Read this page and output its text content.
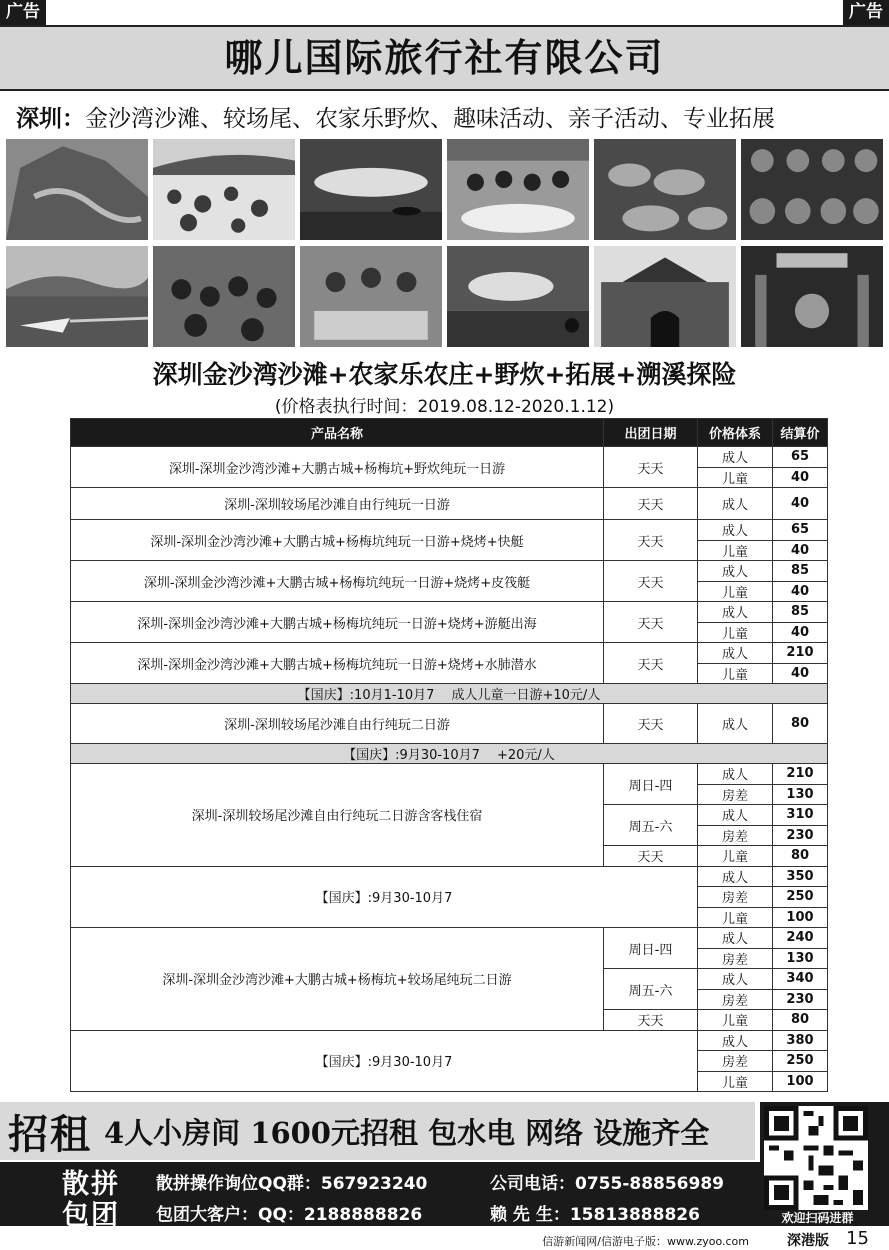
广告	广告
哪儿国际旅行社有限公司
深圳：金沙湾沙滩、较场尾、农家乐野炊、趣味活动、亲子活动、专业拓展
深圳金沙湾沙滩+农家乐农庄+野炊+拓展+溯溪探险
(价格表执行时间：2019.08.12-2020.1.12)
产品名称	出团日期	价格体系	结算价
深圳-深圳金沙湾沙滩+大鹏古城+杨梅坑+野炊纯玩一日游	天天	成人	65
		儿童	40
深圳-深圳较场尾沙滩自由行纯玩一日游	天天	成人	40
深圳-深圳金沙湾沙滩+大鹏古城+杨梅坑纯玩一日游+烧烤+快艇	天天	成人	65
		儿童	40
深圳-深圳金沙湾沙滩+大鹏古城+杨梅坑纯玩一日游+烧烤+皮筏艇	天天	成人	85
		儿童	40
深圳-深圳金沙湾沙滩+大鹏古城+杨梅坑纯玩一日游+烧烤+游艇出海	天天	成人	85
		儿童	40
深圳-深圳金沙湾沙滩+大鹏古城+杨梅坑纯玩一日游+烧烤+水肺潜水	天天	成人	210
		儿童	40
【国庆】:10月1-10月7　 成人儿童一日游+10元/人			
深圳-深圳较场尾沙滩自由行纯玩二日游	天天	成人	80
【国庆】:9月30-10月7　 +20元/人			
深圳-深圳较场尾沙滩自由行纯玩二日游含客栈住宿	周日-四	成人	210
		房差	130
	周五-六	成人	310
		房差	230
	天天	儿童	80
【国庆】:9月30-10月7		成人	350
		房差	250
		儿童	100
深圳-深圳金沙湾沙滩+大鹏古城+杨梅坑+较场尾纯玩二日游	周日-四	成人	240
		房差	130
	周五-六	成人	340
		房差	230
	天天	儿童	80
【国庆】:9月30-10月7		成人	380
		房差	250
		儿童	100
招租 4人小房间 1600元招租 包水电 网络 设施齐全
散拼
包团
散拼操作询位QQ群：567923240	公司电话：0755-88856989
包团大客户：QQ：2188888826	赖 先 生：15813888826	欢迎扫码进群
信游新闻网/信游电子版：www.zyoo.com	深港版 15
